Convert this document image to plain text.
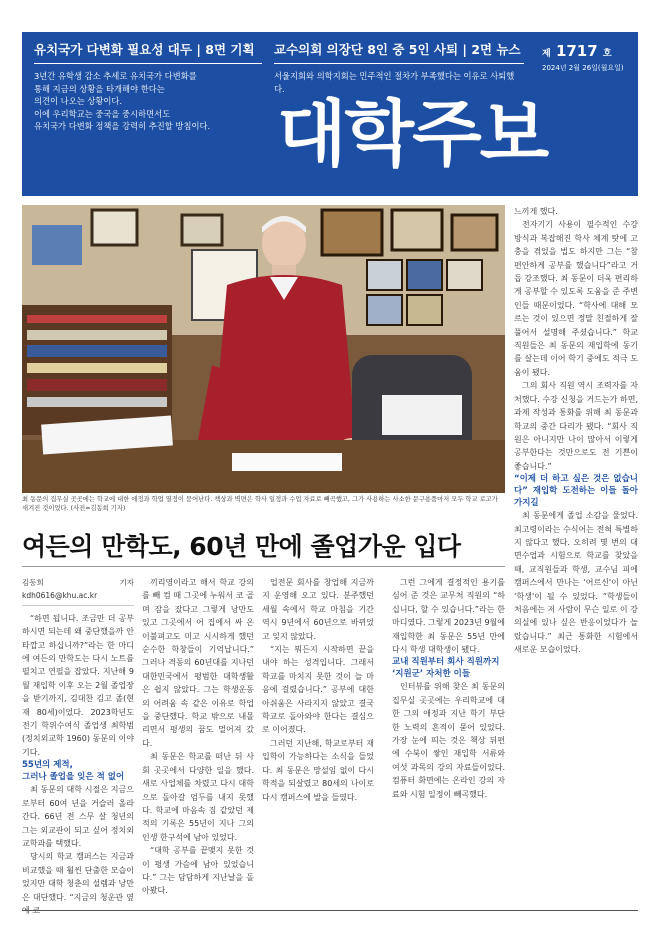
유치국가 다변화 필요성 대두 | 8면 기획
3년간 유학생 감소 추세로 유치국가 다변화를
통해 지금의 상황을 타개해야 한다는
의견이 나오는 상황이다.
이에 우리학교는 중국을 중시하면서도
유치국가 다변화 정책을 강력히 추진할 방침이다.
교수의회 의장단 8인 중 5인 사퇴 | 2면 뉴스
서울지회와 의학지회는 민주적인 절차가 부족했다는 이유로 사퇴했다.
제 1717 호
2024년 2월 26일(월요일)
대학주보
최 동문의 집무실 곳곳에는 학교에 대한 애정과 학업 열정이 묻어난다. 책상과 벽면은 학사 일정과 수업 자료로 빼곡했고, 그가 사용하는 사소한 문구용품마저 모두 학교 로고가 새겨진 것이었다. (사진=김동희 기자)
여든의 만학도, 60년 만에 졸업가운 입다
김동희 기자 kdh0616@khu.ac.kr

“하면 됩니다. 조금만 더 공부하시면 되는데 왜 중단했을까 안타깝고 하십니까?”라는 한 마디에 여든의 만학도는 다시 노트를 펼치고 연필을 잡았다. 지난해 9월 재입학 이후 오는 2월 졸업장을 받기까지, 김대찬 김고 졸(현재 80세)이었다. 2023학년도 전기 학위수여식 졸업생 최학범(정치외교학 1960) 동문의 이야기다.

55년의 제적,
그러나 졸업을 잊은 적 없어

최 동문의 대학 시절은 지금으로부터 60여 년을 거슬러 올라간다. 66년 전 스무 살 청년의 그는 외교관이 되고 싶어 정치외교학과를 택했다.

당시의 학교 캠퍼스는 지금과 비교했을 때 훨씬 단출한 모습이었지만 대학 청춘의 설렘과 낭만은 대단했다. “지금의 청운관 옆

끼리영이라고 해서 학교 강의를 빼 컴 때 그곳에 누워서 코 골며 잠을 잤다고 그렇게 낭만도 있고 그곳에서 어 집에서 싸 온 이불펴고도 미고 시시하게 했던 순수한 학창들이 기억납니다.” 그러나 격동의 60년대를 지나던 대한민국에서 평범한 대학생활은 쉽지 않았다. 그는 학생운동의 어려움 속 같은 이유로 학업을 중단했다. 학교 밖으로 내몰리면서 평생의 꿈도 멀어져 갔다.

최 동문은 학교를 떠난 뒤 사회 곳곳에서 다양한 일을 했다. 새로 사업체를 차렸고 다시 대학으로 돌아갈 엄두를 내지 못했다. 학교에 마음속 짐 같았던 제적의 기록은 55년이 지나 그의 인생 한구석에 남아 있었다.

“대학 공부를 끝맺지 못한 것이 평생 가슴에 남아 있었습니다.” 그는 담담하게 지난날을 돌아봤다.

업전문 회사를 창업해 지금까지 운영해 오고 있다. 분주했던 세월 속에서 학교 마침을 기간 역시 9년에서 60년으로 바뀌었고 잊지 않았다.

“지는 뭐든지 시작하면 끝을 내야 하는 성격입니다. 그래서 학교를 마치지 못한 것이 늘 마음에 걸렸습니다.” 공부에 대한 아쉬움은 사라지지 않았고 결국 학교로 돌아와야 한다는 결심으로 이어졌다.

그러던 지난해, 학교로부터 재입학이 가능하다는 소식을 들었다. 최 동문은 망설임 없이 다시 학적을 되살렸고 80세의 나이로 다시 캠퍼스에 발을 들였다.

그런 그에게 결정적인 용기를 심어 준 것은 교무처 직원의 “하십니다, 할 수 있습니다.”라는 한 마디였다. 그렇게 2023년 9월에 재입학한 최 동문은 55년 만에 다시 학생 대학생이 됐다.

교내 직원부터 회사 직원까지
‘지원군’ 자처한 이들

인터뷰를 위해 찾은 최 동문의 집무실 곳곳에는 우리학교에 대한 그의 애정과 지난 학기 부단한 노력의 흔적이 묻어 있었다. 가장 눈에 띄는 것은 책상 뒤편에 수북이 쌓인 재입학 서류와 여섯 과목의 강의 자료들이었다. 컴퓨터 화면에는 온라인 강의 자료와 시험 일정이 빼곡했다.

느끼게 했다.

전자기기 사용이 필수적인 수강 방식과 복잡해진 학사 체계 탓에 고충을 겪었을 법도 하지만 그는 “참 편안하게 공부를 했습니다”라고 거듭 강조했다. 최 동문이 더욱 편리하게 공부할 수 있도록 도움을 준 주변인들 때문이었다. “학사에 대해 모르는 것이 있으면 정말 친절하게 잘 풀어서 설명해 주셨습니다.” 학교 직원들은 최 동문의 재입학에 동기를 살는데 이어 학기 중에도 적극 도움이 됐다.

그의 회사 직원 역시 조력자를 자처했다. 수강 신청을 거드는가 하면, 과제 작성과 통화를 위해 최 동문과 학교의 중간 다리가 됐다. “회사 직원은 아니지만 나이 많아서 이렇게 공부한다는 것만으로도 전 기쁜이 좋습니다.”

“이제 더 하고 싶은 것은 없습니다” 재입학 도전하는 이들 돌아가지길

최 동문에게 졸업 소감을 물었다. 최고령이라는 수식어는 전혀 특별하지 않다고 했다. 오히려 몇 번의 대면수업과 시험으로 학교를 찾았을 때, 교직원들과 학생, 교수님 피에 캠퍼스에서 만나는 ‘어르신'이 아닌 ‘학생'이 될 수 있었다. “학생들이 처음에는 저 사람이 무슨 일로 이 강의실에 있나 싶은 반응이었다가 놀랐습니다.” 최근 통화한 시험에서 새로운 모습이었다.
